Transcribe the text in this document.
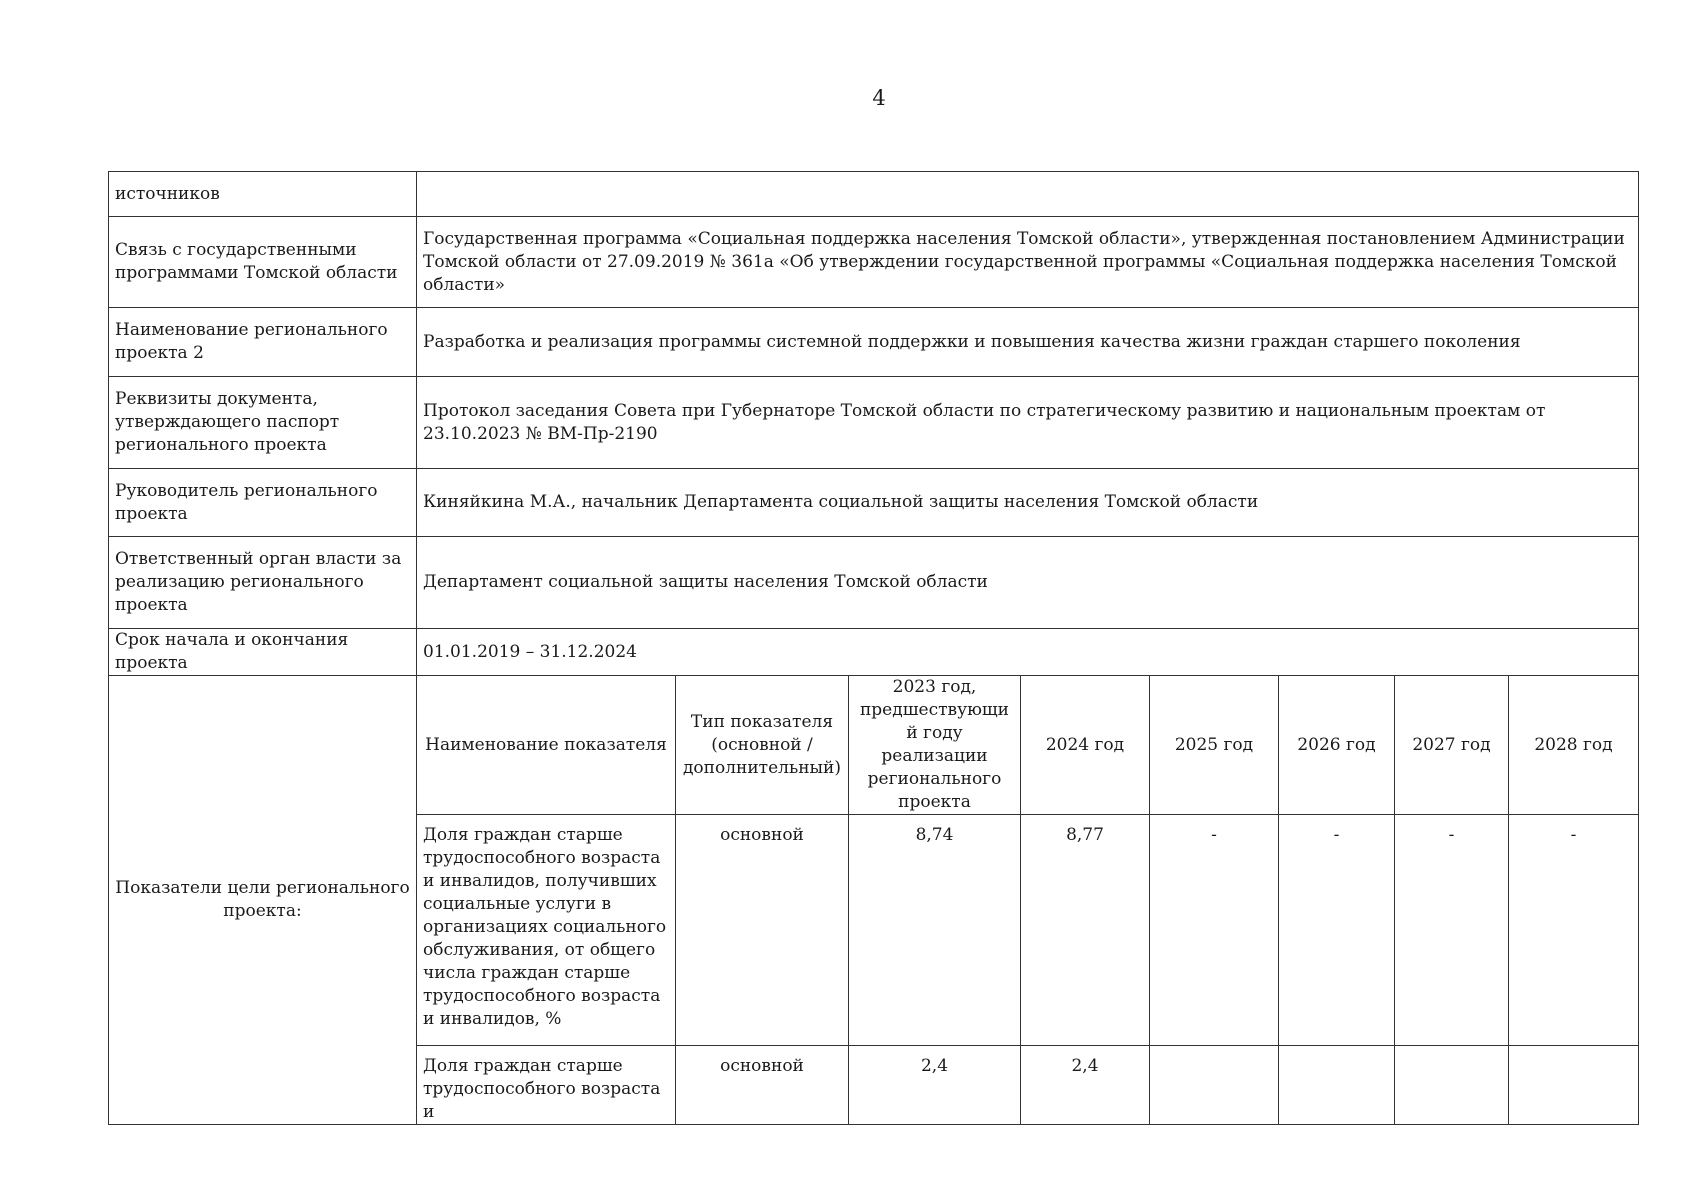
4
источников								
Связь с государственными программами Томской области	Государственная программа «Социальная поддержка населения Томской области», утвержденная постановлением Администрации Томской области от 27.09.2019 № 361а «Об утверждении государственной программы «Социальная поддержка населения Томской области»							
Наименование регионального проекта 2	Разработка и реализация программы системной поддержки и повышения качества жизни граждан старшего поколения							
Реквизиты документа, утверждающего паспорт регионального проекта	Протокол заседания Совета при Губернаторе Томской области по стратегическому развитию и национальным проектам от 23.10.2023 № ВМ-Пр-2190							
Руководитель регионального проекта	Киняйкина М.А., начальник Департамента социальной защиты населения Томской области							
Ответственный орган власти за реализацию регионального проекта	Департамент социальной защиты населения Томской области							
Срок начала и окончания проекта	01.01.2019 – 31.12.2024							
Показатели цели регионального проекта:	Наименование показателя	Тип показателя (основной / дополнительный)	2023 год, предшествующий году реализации регионального проекта	2024 год	2025 год	2026 год	2027 год	2028 год
	Доля граждан старше трудоспособного возраста и инвалидов, получивших социальные услуги в организациях социального обслуживания, от общего числа граждан старше трудоспособного возраста и инвалидов, %	основной	8,74	8,77	-	-	-	-
	Доля граждан старше трудоспособного возраста и	основной	2,4	2,4				
